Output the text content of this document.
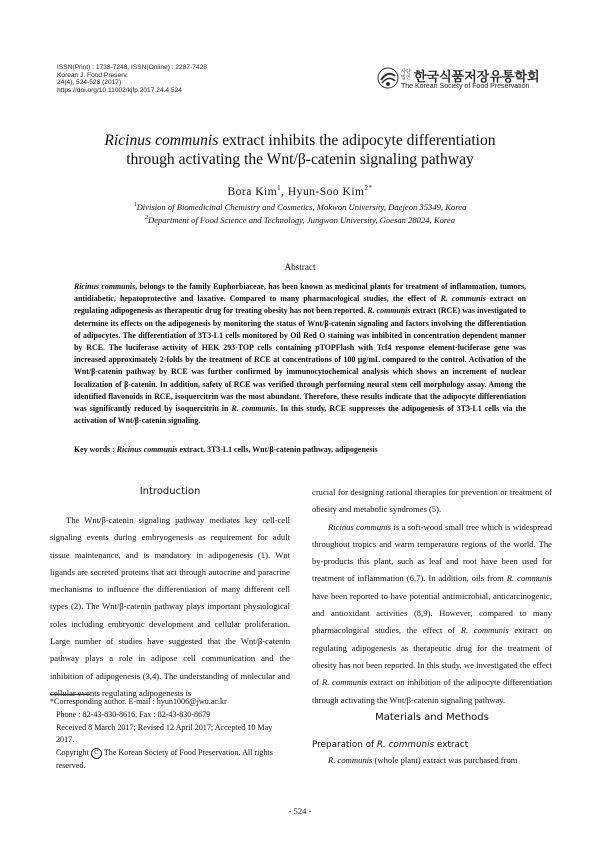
ISSN(Print) : 1738-7248, ISSN(Online) : 2287-7428
Korean J. Food Preserv.
24(4), 524-528 (2017)
https://doi.org/10.11002/kjfp.2017.24.4.524
사단 법인 한국식품저장유통학회
The Korean Society of Food Preservation
Ricinus communis extract inhibits the adipocyte differentiation
through activating the Wnt/β-catenin signaling pathway
Bora Kim$^1$, Hyun-Soo Kim$^{2*}$
$^1$Division of Biomedicinal Chemistry and Cosmetics, Mokwon University, Daejeon 35349, Korea
$^2$Department of Food Science and Technology, Jungwon University, Goesan 28024, Korea
Abstract
Ricinus communis, belongs to the family Euphorbiaceae, has been known as medicinal plants for treatment of inflammation, tumors, antidiabetic, hepatoprotective and laxative. Compared to many pharmacological studies, the effect of R. communis extract on regulating adipogenesis as therapeutic drug for treating obesity has not been reported. R. communis extract (RCE) was investigated to determine its effects on the adipogenesis by monitoring the status of Wnt/β-catenin signaling and factors involving the differentiation of adipocytes. The differentiation of 3T3-L1 cells monitored by Oil Red O staining was inhibited in concentration dependent manner by RCE. The luciferase activity of HEK 293-TOP cells containing pTOPFlash with Tcf4 response element-luciferase gene was increased approximately 2-folds by the treatment of RCE at concentrations of 100 μg/mL compared to the control. Activation of the Wnt/β-catenin pathway by RCE was further confirmed by immunocytochemical analysis which shows an increment of nuclear localization of β-catenin. In addition, safety of RCE was verified through performing neural stem cell morphology assay. Among the identified flavonoids in RCE, isoquercitrin was the most abundant. Therefore, these results indicate that the adipocyte differentiation was significantly reduced by isoquercitrin in R. communis. In this study, RCE suppresses the adipogenesis of 3T3-L1 cells via the activation of Wnt/β-catenin signaling.
Key words : Ricinus communis extract, 3T3-L1 cells, Wnt/β-catenin pathway, adipogenesis
Introduction

The Wnt/β-catenin signaling pathway mediates key cell-cell signaling events during embryogenesis as requirement for adult tissue maintenance, and is mandatory in adipogenesis (1). Wnt ligands are secreted proteins that act through autocrine and paracrine mechanisms to influence the differentiation of many different cell types (2). The Wnt/β-catenin pathway plays important physiological roles including embryonic development and cellular proliferation. Large number of studies have suggested that the Wnt/β-catenin pathway plays a role in adipose cell communication and the inhibition of adipogenesis (3,4). The understanding of molecular and cellular events regulating adipogenesis is

*Corresponding author. E-mail : hyun1006@jwu.ac.kr
Phone : 82-43-830-8616, Fax : 82-43-830-8679
Received 8 March 2017; Revised 12 April 2017; Accepted 10 May 2017.
Copyright C The Korean Society of Food Preservation. All rights reserved.

crucial for designing rational therapies for prevention or treatment of obesity and metabolic syndromes (5).

Ricinus communis is a soft-wood small tree which is widespread throughout tropics and warm temperature regions of the world. The by-products this plant, such as leaf and root have been used for treatment of inflammation (6,7). In addition, oils from R. communis have been reported to have potential antimicrobial, anticarcinogenic, and antioxidant activities (8,9). However, compared to many pharmacological studies, the effect of R. communis extract on regulating adipogenesis as therapeutic drug for the treatment of obesity has not been reported. In this study, we investigated the effect of R. communis extract on inhibition of the adipocyte differentiation through activating the Wnt/β-catenin signaling pathway.

Materials and Methods
Preparation of R. communis extract

R. communis (whole plant) extract was purchased from

- 524 -
